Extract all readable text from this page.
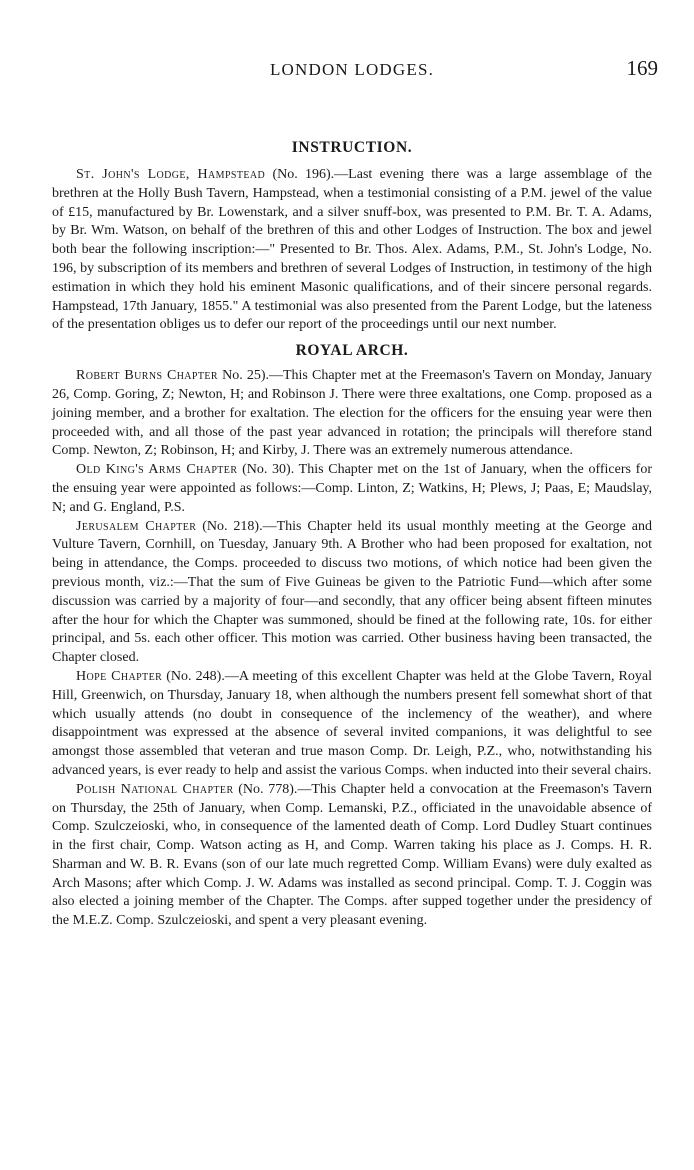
LONDON LODGES.	169
INSTRUCTION.

St. John's Lodge, Hampstead (No. 196).—Last evening there was a large assemblage of the brethren at the Holly Bush Tavern, Hampstead, when a testimonial consisting of a P.M. jewel of the value of £15, manufactured by Br. Lowenstark, and a silver snuff-box, was presented to P.M. Br. T. A. Adams, by Br. Wm. Watson, on behalf of the brethren of this and other Lodges of Instruction. The box and jewel both bear the following inscription:—" Presented to Br. Thos. Alex. Adams, P.M., St. John's Lodge, No. 196, by subscription of its members and brethren of several Lodges of Instruction, in testimony of the high estimation in which they hold his eminent Masonic qualifications, and of their sincere personal regards. Hampstead, 17th January, 1855." A testimonial was also presented from the Parent Lodge, but the lateness of the presentation obliges us to defer our report of the proceedings until our next number.

ROYAL ARCH.

Robert Burns Chapter No. 25).—This Chapter met at the Freemason's Tavern on Monday, January 26, Comp. Goring, Z; Newton, H; and Robinson J. There were three exaltations, one Comp. proposed as a joining member, and a brother for exaltation. The election for the officers for the ensuing year were then proceeded with, and all those of the past year advanced in rotation; the principals will therefore stand Comp. Newton, Z; Robinson, H; and Kirby, J. There was an extremely numerous attendance.

Old King's Arms Chapter (No. 30). This Chapter met on the 1st of January, when the officers for the ensuing year were appointed as follows:—Comp. Linton, Z; Watkins, H; Plews, J; Paas, E; Maudslay, N; and G. England, P.S.

Jerusalem Chapter (No. 218).—This Chapter held its usual monthly meeting at the George and Vulture Tavern, Cornhill, on Tuesday, January 9th. A Brother who had been proposed for exaltation, not being in attendance, the Comps. proceeded to discuss two motions, of which notice had been given the previous month, viz.:—That the sum of Five Guineas be given to the Patriotic Fund—which after some discussion was carried by a majority of four—and secondly, that any officer being absent fifteen minutes after the hour for which the Chapter was summoned, should be fined at the following rate, 10s. for either principal, and 5s. each other officer. This motion was carried. Other business having been transacted, the Chapter closed.

Hope Chapter (No. 248).—A meeting of this excellent Chapter was held at the Globe Tavern, Royal Hill, Greenwich, on Thursday, January 18, when although the numbers present fell somewhat short of that which usually attends (no doubt in consequence of the inclemency of the weather), and where disappointment was expressed at the absence of several invited companions, it was delightful to see amongst those assembled that veteran and true mason Comp. Dr. Leigh, P.Z., who, notwithstanding his advanced years, is ever ready to help and assist the various Comps. when inducted into their several chairs.

Polish National Chapter (No. 778).—This Chapter held a convocation at the Freemason's Tavern on Thursday, the 25th of January, when Comp. Lemanski, P.Z., officiated in the unavoidable absence of Comp. Szulczeioski, who, in consequence of the lamented death of Comp. Lord Dudley Stuart continues in the first chair, Comp. Watson acting as H, and Comp. Warren taking his place as J. Comps. H. R. Sharman and W. B. R. Evans (son of our late much regretted Comp. William Evans) were duly exalted as Arch Masons; after which Comp. J. W. Adams was installed as second principal. Comp. T. J. Coggin was also elected a joining member of the Chapter. The Comps. after supped together under the presidency of the M.E.Z. Comp. Szulczeioski, and spent a very pleasant evening.
